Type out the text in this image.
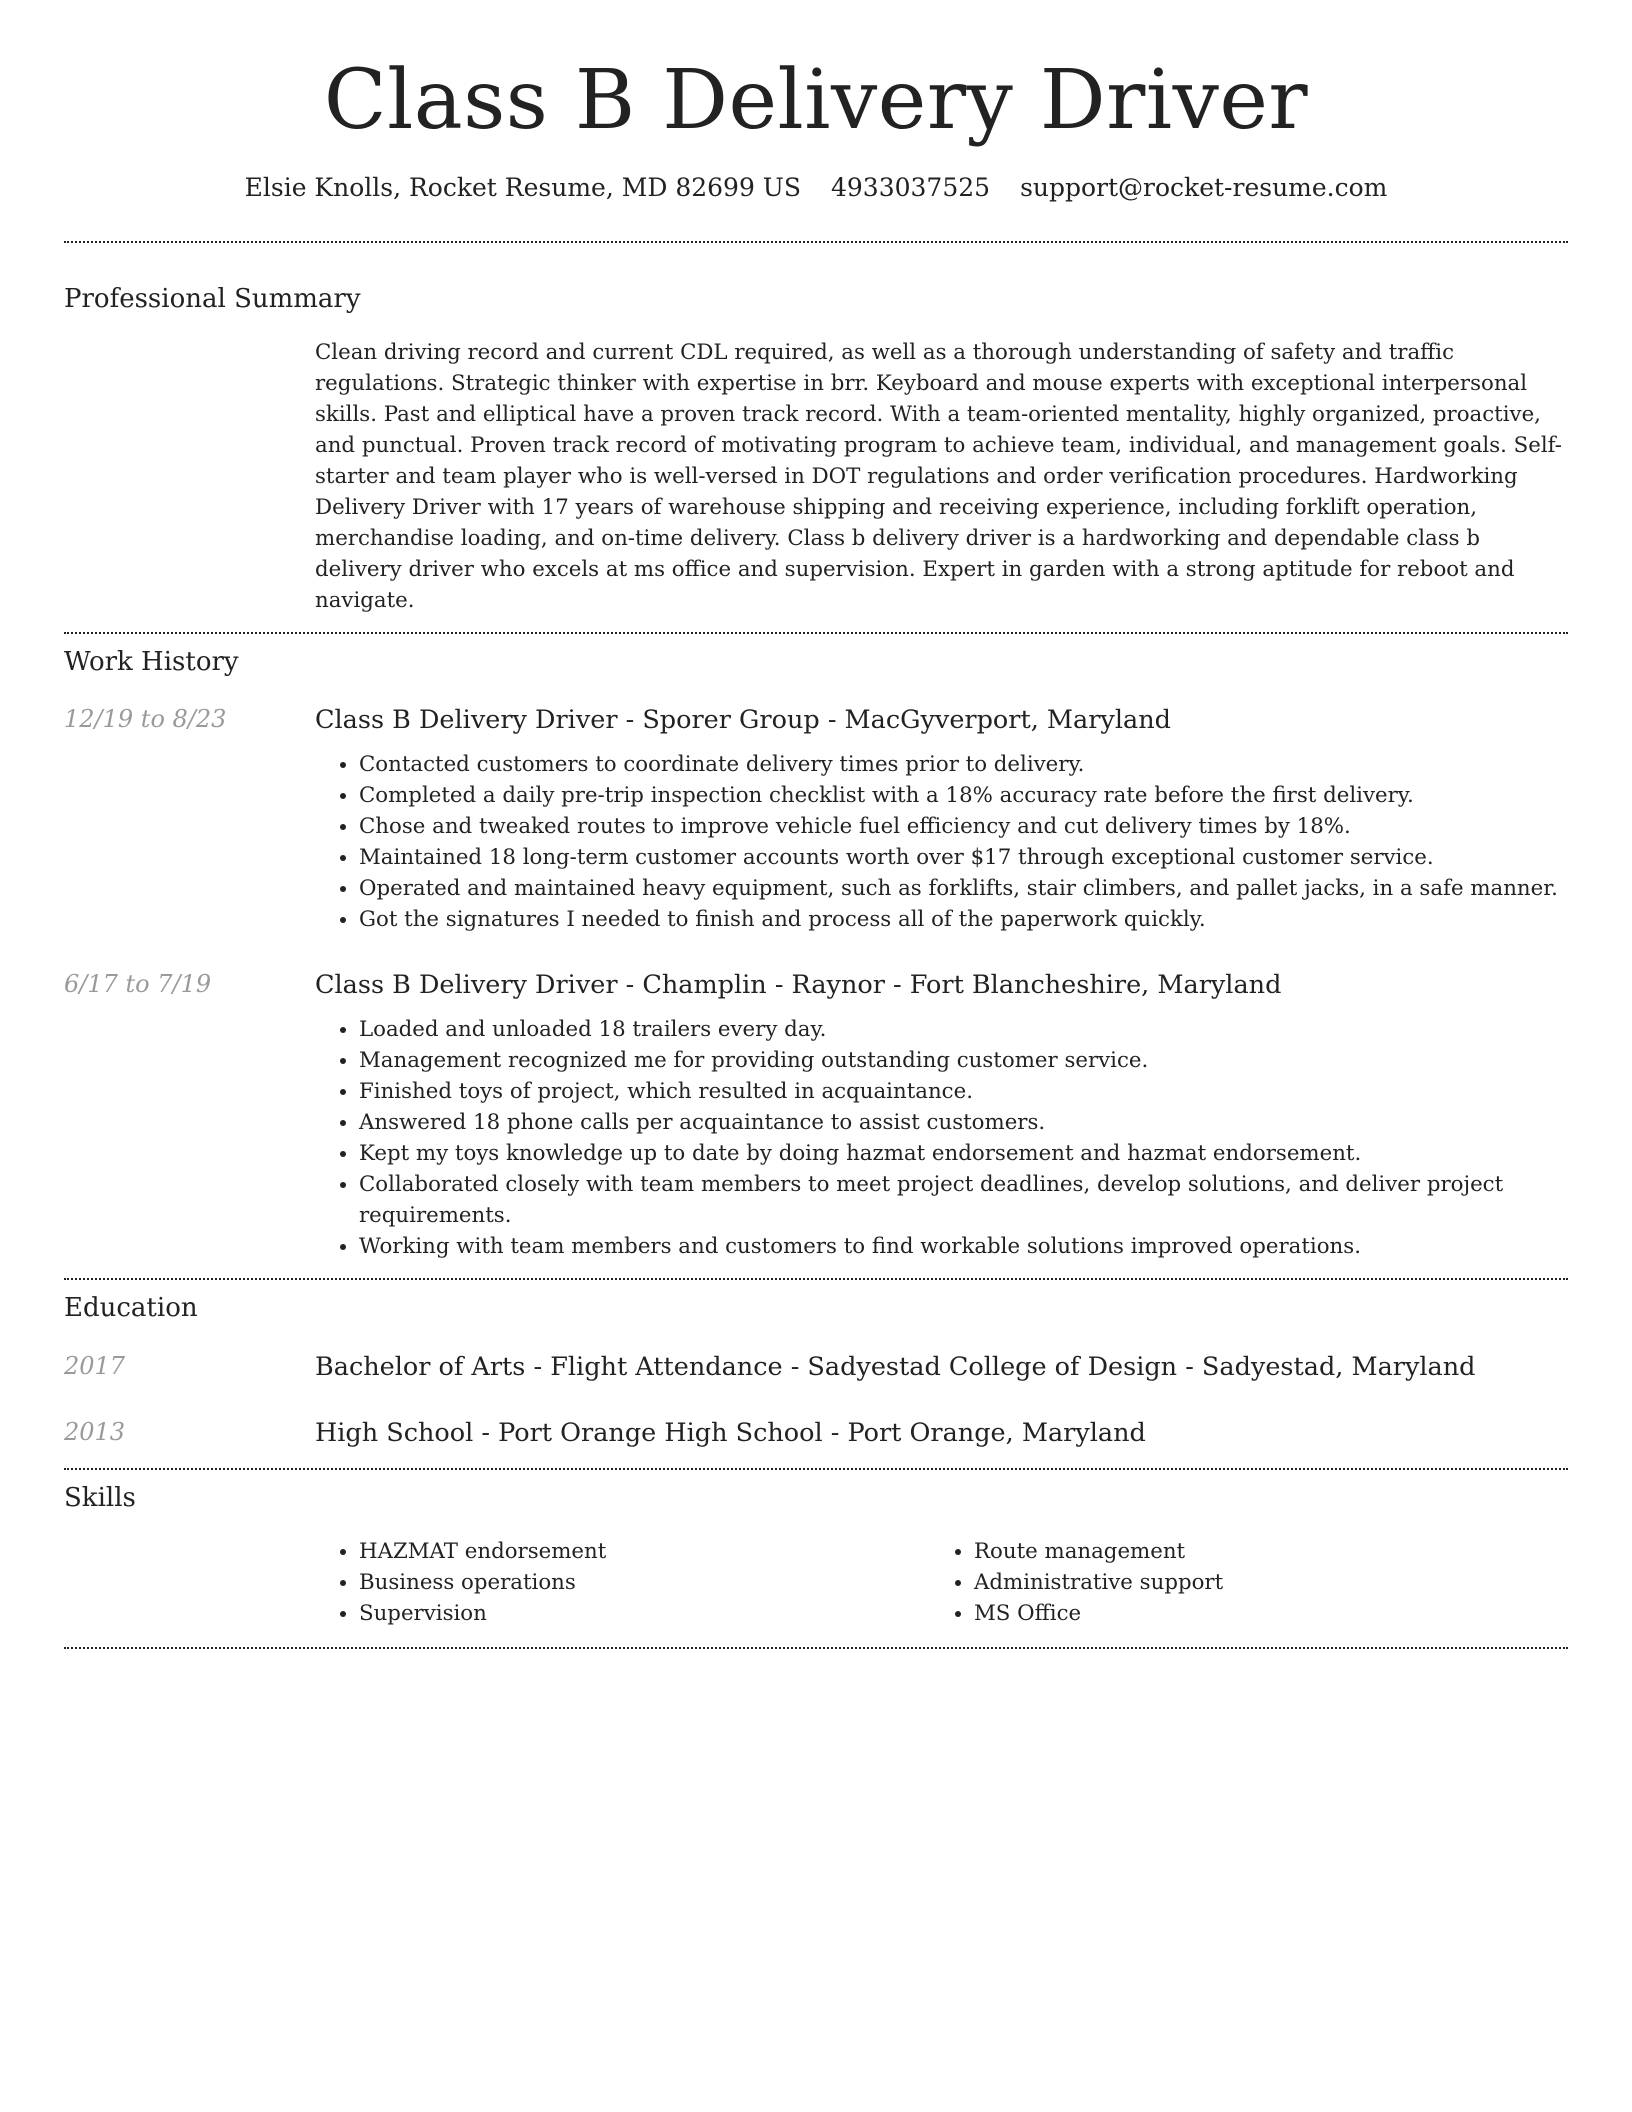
Class B Delivery Driver
Elsie Knolls, Rocket Resume, MD 82699 US 4933037525 support@rocket-resume.com
Professional Summary

Clean driving record and current CDL required, as well as a thorough understanding of safety and traffic regulations. Strategic thinker with expertise in brr. Keyboard and mouse experts with exceptional interpersonal skills. Past and elliptical have a proven track record. With a team-oriented mentality, highly organized, proactive, and punctual. Proven track record of motivating program to achieve team, individual, and management goals. Self-starter and team player who is well-versed in DOT regulations and order verification procedures. Hardworking Delivery Driver with 17 years of warehouse shipping and receiving experience, including forklift operation, merchandise loading, and on-time delivery. Class b delivery driver is a hardworking and dependable class b delivery driver who excels at ms office and supervision. Expert in garden with a strong aptitude for reboot and navigate.

Work History
12/19 to 8/23	Class B Delivery Driver - Sporer Group - MacGyverport, Maryland
• Contacted customers to coordinate delivery times prior to delivery.
• Completed a daily pre-trip inspection checklist with a 18% accuracy rate before the first delivery.
• Chose and tweaked routes to improve vehicle fuel efficiency and cut delivery times by 18%.
• Maintained 18 long-term customer accounts worth over $17 through exceptional customer service.
• Operated and maintained heavy equipment, such as forklifts, stair climbers, and pallet jacks, in a safe manner.
• Got the signatures I needed to finish and process all of the paperwork quickly.
6/17 to 7/19	Class B Delivery Driver - Champlin - Raynor - Fort Blancheshire, Maryland
• Loaded and unloaded 18 trailers every day.
• Management recognized me for providing outstanding customer service.
• Finished toys of project, which resulted in acquaintance.
• Answered 18 phone calls per acquaintance to assist customers.
• Kept my toys knowledge up to date by doing hazmat endorsement and hazmat endorsement.
• Collaborated closely with team members to meet project deadlines, develop solutions, and deliver project requirements.
• Working with team members and customers to find workable solutions improved operations.
Education
2017	Bachelor of Arts - Flight Attendance - Sadyestad College of Design - Sadyestad, Maryland
2013	High School - Port Orange High School - Port Orange, Maryland
Skills
• HAZMAT endorsement
• Business operations
• Supervision
• Route management
• Administrative support
• MS Office
